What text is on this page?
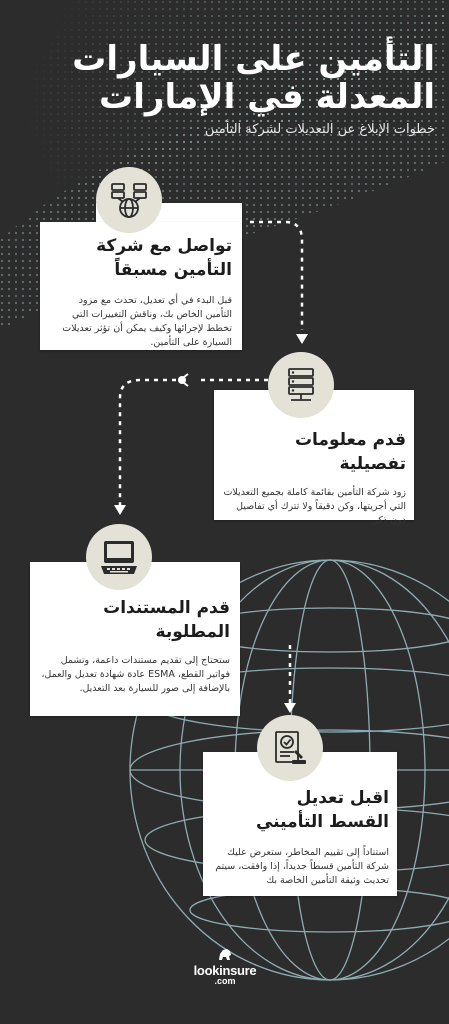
التأمين على السيارات المعدلة في الإمارات
خطوات الإبلاغ عن التعديلات لشركة التأمين
تواصل مع شركة التأمين مسبقاً

قبل البدء في أي تعديل، تحدث مع مزود التأمين الخاص بك، وناقش التغييرات التي تخطط لإجرائها وكيف يمكن أن تؤثر تعديلات السيارة على التأمين.

قدم معلومات تفصيلية

زود شركة التأمين بقائمة كاملة بجميع التعديلات التي أجريتها، وكن دقيقاً ولا تترك أي تفاصيل دون ذكر

قدم المستندات المطلوبة

ستحتاج إلى تقديم مستندات داعمة، وتشمل فواتير القطع، ESMA عادة شهادة تعديل والعمل، بالإضافة إلى صور للسيارة بعد التعديل.

اقبل تعديل القسط التأميني

استناداً إلى تقييم المخاطر، ستعرض عليك شركة التأمين قسطاً جديداً، إذا وافقت، سيتم تحديث وثيقة التأمين الخاصة بك

lookinsure
.com
